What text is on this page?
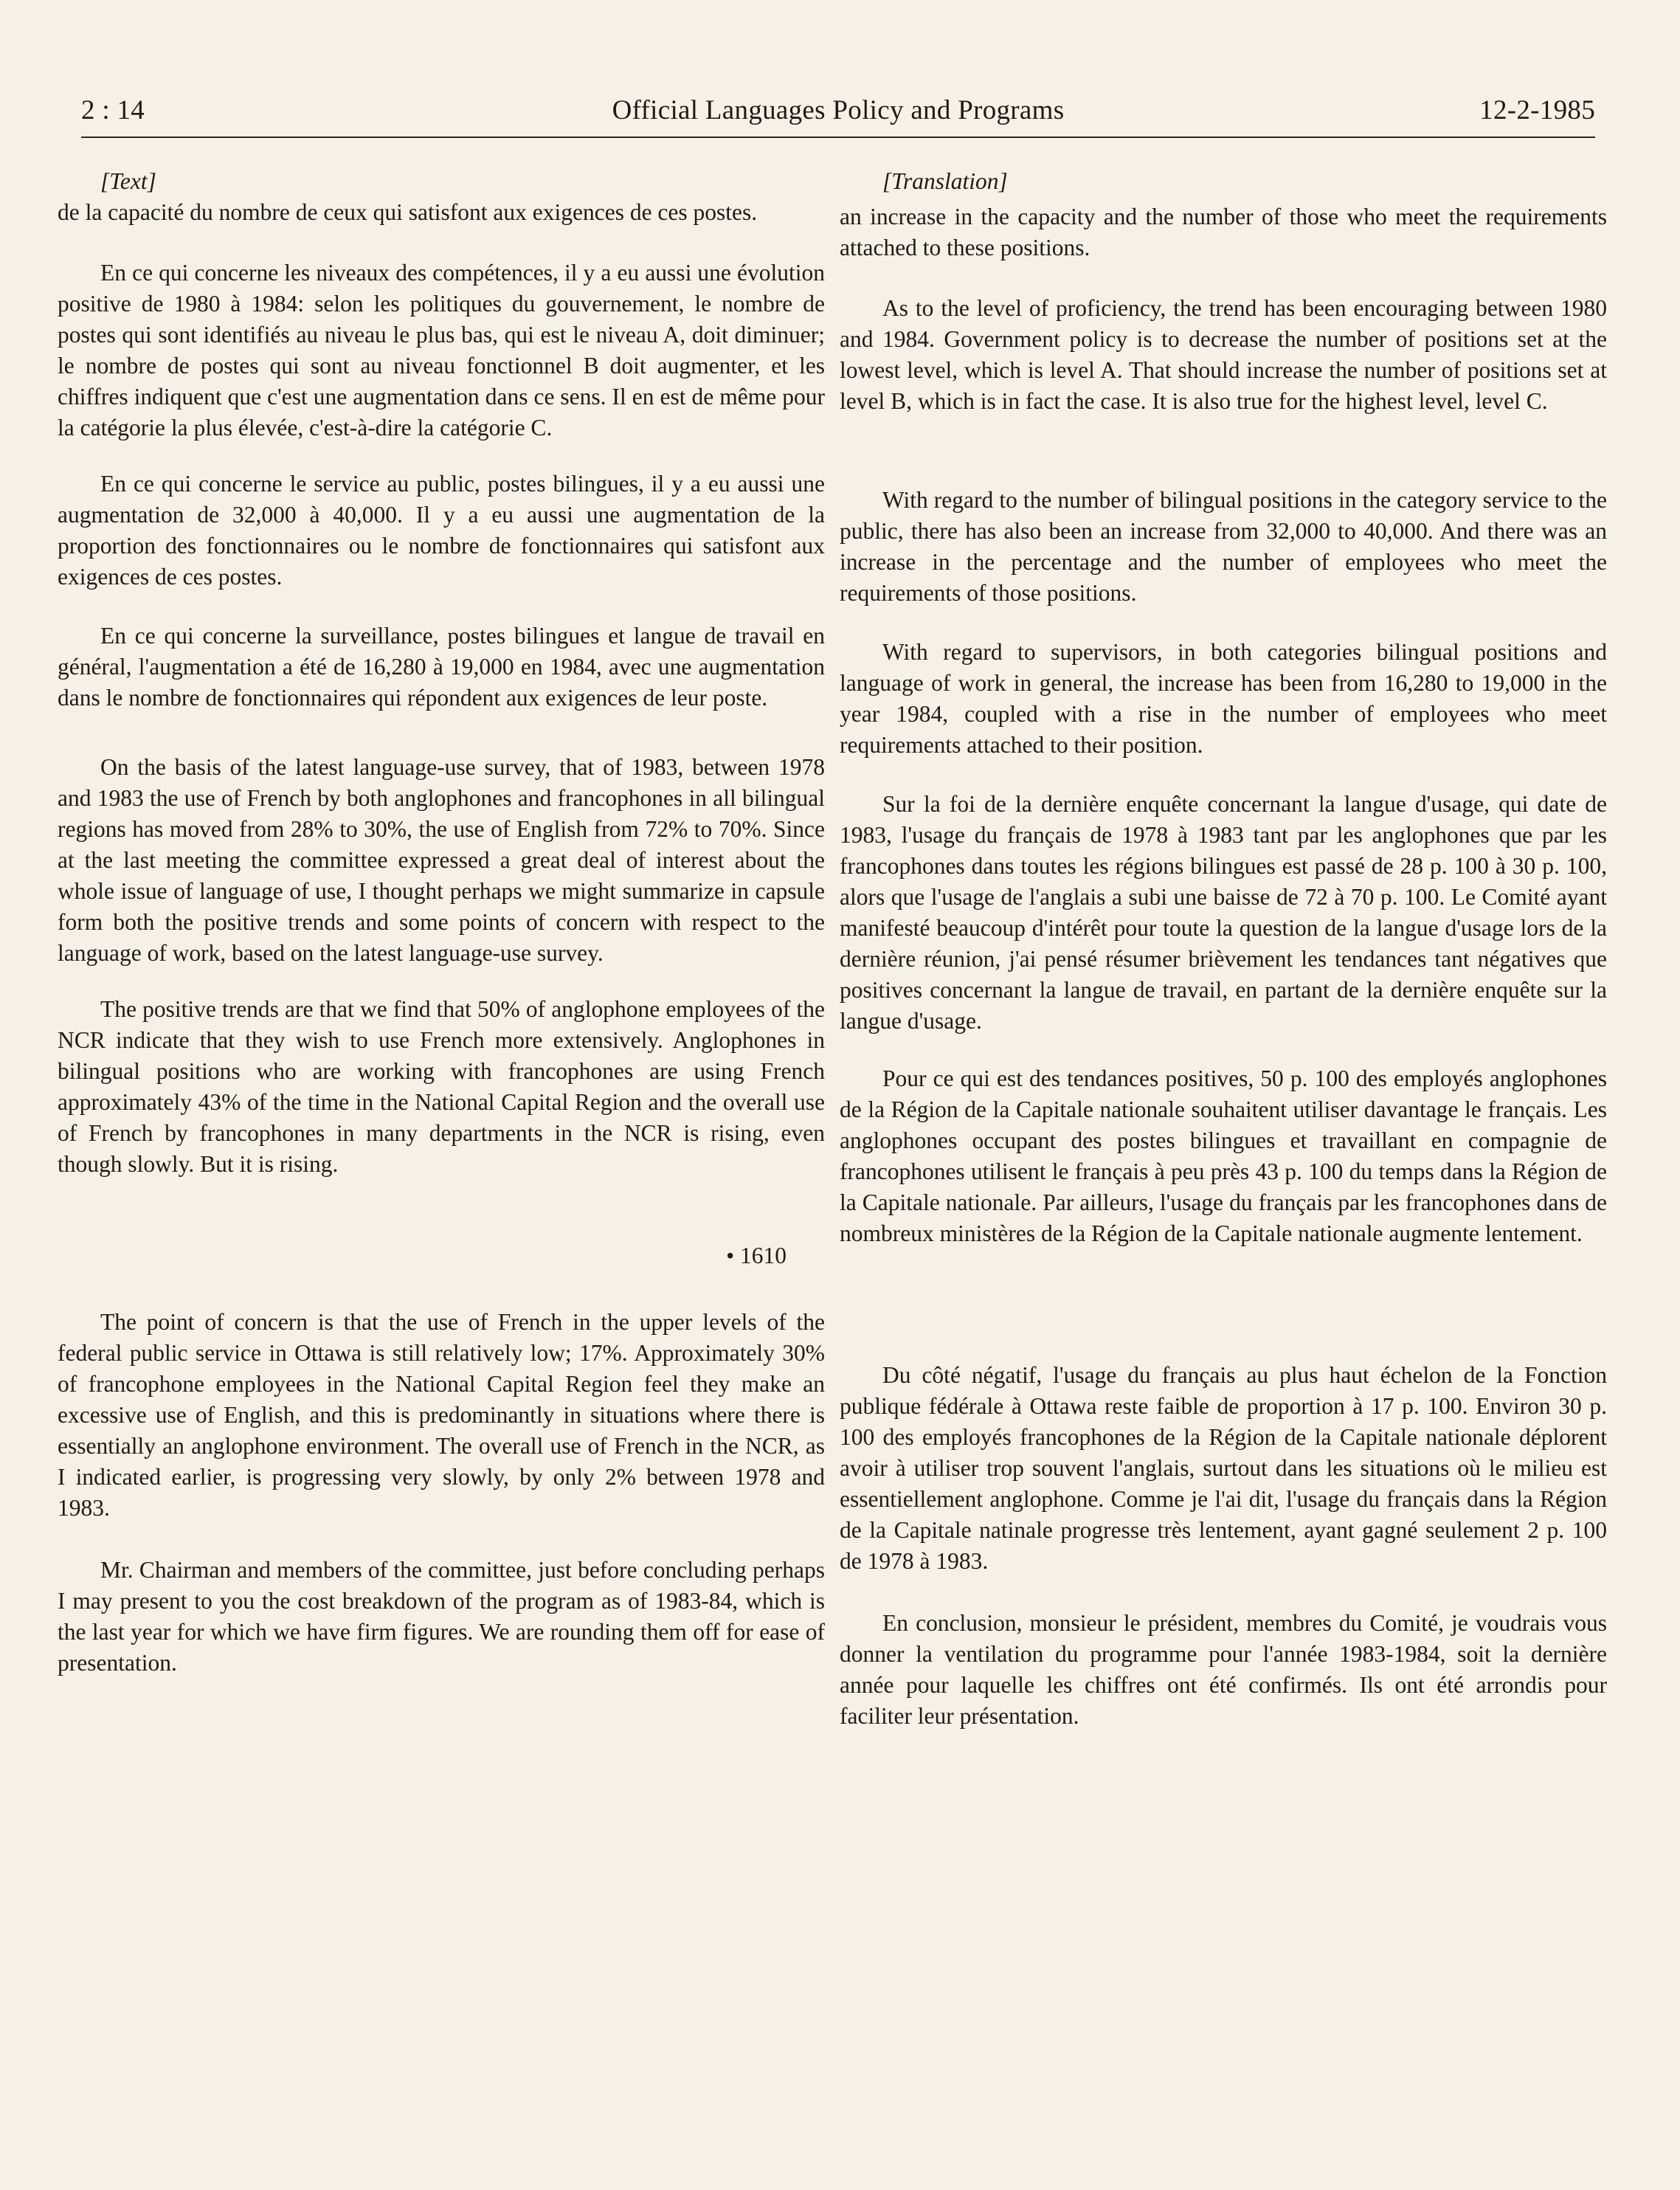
2 : 14	Official Languages Policy and Programs	12-2-1985

[Text]

de la capacité du nombre de ceux qui satisfont aux exigences de ces postes.

En ce qui concerne les niveaux des compétences, il y a eu aussi une évolution positive de 1980 à 1984: selon les politiques du gouvernement, le nombre de postes qui sont identifiés au niveau le plus bas, qui est le niveau A, doit diminuer; le nombre de postes qui sont au niveau fonctionnel B doit augmenter, et les chiffres indiquent que c'est une augmentation dans ce sens. Il en est de même pour la catégorie la plus élevée, c'est-à-dire la catégorie C.

En ce qui concerne le service au public, postes bilingues, il y a eu aussi une augmentation de 32,000 à 40,000. Il y a eu aussi une augmentation de la proportion des fonctionnaires ou le nombre de fonctionnaires qui satisfont aux exigences de ces postes.

En ce qui concerne la surveillance, postes bilingues et langue de travail en général, l'augmentation a été de 16,280 à 19,000 en 1984, avec une augmentation dans le nombre de fonctionnaires qui répondent aux exigences de leur poste.

On the basis of the latest language-use survey, that of 1983, between 1978 and 1983 the use of French by both anglophones and francophones in all bilingual regions has moved from 28% to 30%, the use of English from 72% to 70%. Since at the last meeting the committee expressed a great deal of interest about the whole issue of language of use, I thought perhaps we might summarize in capsule form both the positive trends and some points of concern with respect to the language of work, based on the latest language-use survey.

The positive trends are that we find that 50% of anglophone employees of the NCR indicate that they wish to use French more extensively. Anglophones in bilingual positions who are working with francophones are using French approximately 43% of the time in the National Capital Region and the overall use of French by francophones in many departments in the NCR is rising, even though slowly. But it is rising.

• 1610

The point of concern is that the use of French in the upper levels of the federal public service in Ottawa is still relatively low; 17%. Approximately 30% of francophone employees in the National Capital Region feel they make an excessive use of English, and this is predominantly in situations where there is essentially an anglophone environment. The overall use of French in the NCR, as I indicated earlier, is progressing very slowly, by only 2% between 1978 and 1983.

Mr. Chairman and members of the committee, just before concluding perhaps I may present to you the cost breakdown of the program as of 1983-84, which is the last year for which we have firm figures. We are rounding them off for ease of presentation.

[Translation]

an increase in the capacity and the number of those who meet the requirements attached to these positions.

As to the level of proficiency, the trend has been encouraging between 1980 and 1984. Government policy is to decrease the number of positions set at the lowest level, which is level A. That should increase the number of positions set at level B, which is in fact the case. It is also true for the highest level, level C.

With regard to the number of bilingual positions in the category service to the public, there has also been an increase from 32,000 to 40,000. And there was an increase in the percentage and the number of employees who meet the requirements of those positions.

With regard to supervisors, in both categories bilingual positions and language of work in general, the increase has been from 16,280 to 19,000 in the year 1984, coupled with a rise in the number of employees who meet requirements attached to their position.

Sur la foi de la dernière enquête concernant la langue d'usage, qui date de 1983, l'usage du français de 1978 à 1983 tant par les anglophones que par les francophones dans toutes les régions bilingues est passé de 28 p. 100 à 30 p. 100, alors que l'usage de l'anglais a subi une baisse de 72 à 70 p. 100. Le Comité ayant manifesté beaucoup d'intérêt pour toute la question de la langue d'usage lors de la dernière réunion, j'ai pensé résumer brièvement les tendances tant négatives que positives concernant la langue de travail, en partant de la dernière enquête sur la langue d'usage.

Pour ce qui est des tendances positives, 50 p. 100 des employés anglophones de la Région de la Capitale nationale souhaitent utiliser davantage le français. Les anglophones occupant des postes bilingues et travaillant en compagnie de francophones utilisent le français à peu près 43 p. 100 du temps dans la Région de la Capitale nationale. Par ailleurs, l'usage du français par les francophones dans de nombreux ministères de la Région de la Capitale nationale augmente lentement.

Du côté négatif, l'usage du français au plus haut échelon de la Fonction publique fédérale à Ottawa reste faible de proportion à 17 p. 100. Environ 30 p. 100 des employés francophones de la Région de la Capitale nationale déplorent avoir à utiliser trop souvent l'anglais, surtout dans les situations où le milieu est essentiellement anglophone. Comme je l'ai dit, l'usage du français dans la Région de la Capitale natinale progresse très lentement, ayant gagné seulement 2 p. 100 de 1978 à 1983.

En conclusion, monsieur le président, membres du Comité, je voudrais vous donner la ventilation du programme pour l'année 1983-1984, soit la dernière année pour laquelle les chiffres ont été confirmés. Ils ont été arrondis pour faciliter leur présentation.
